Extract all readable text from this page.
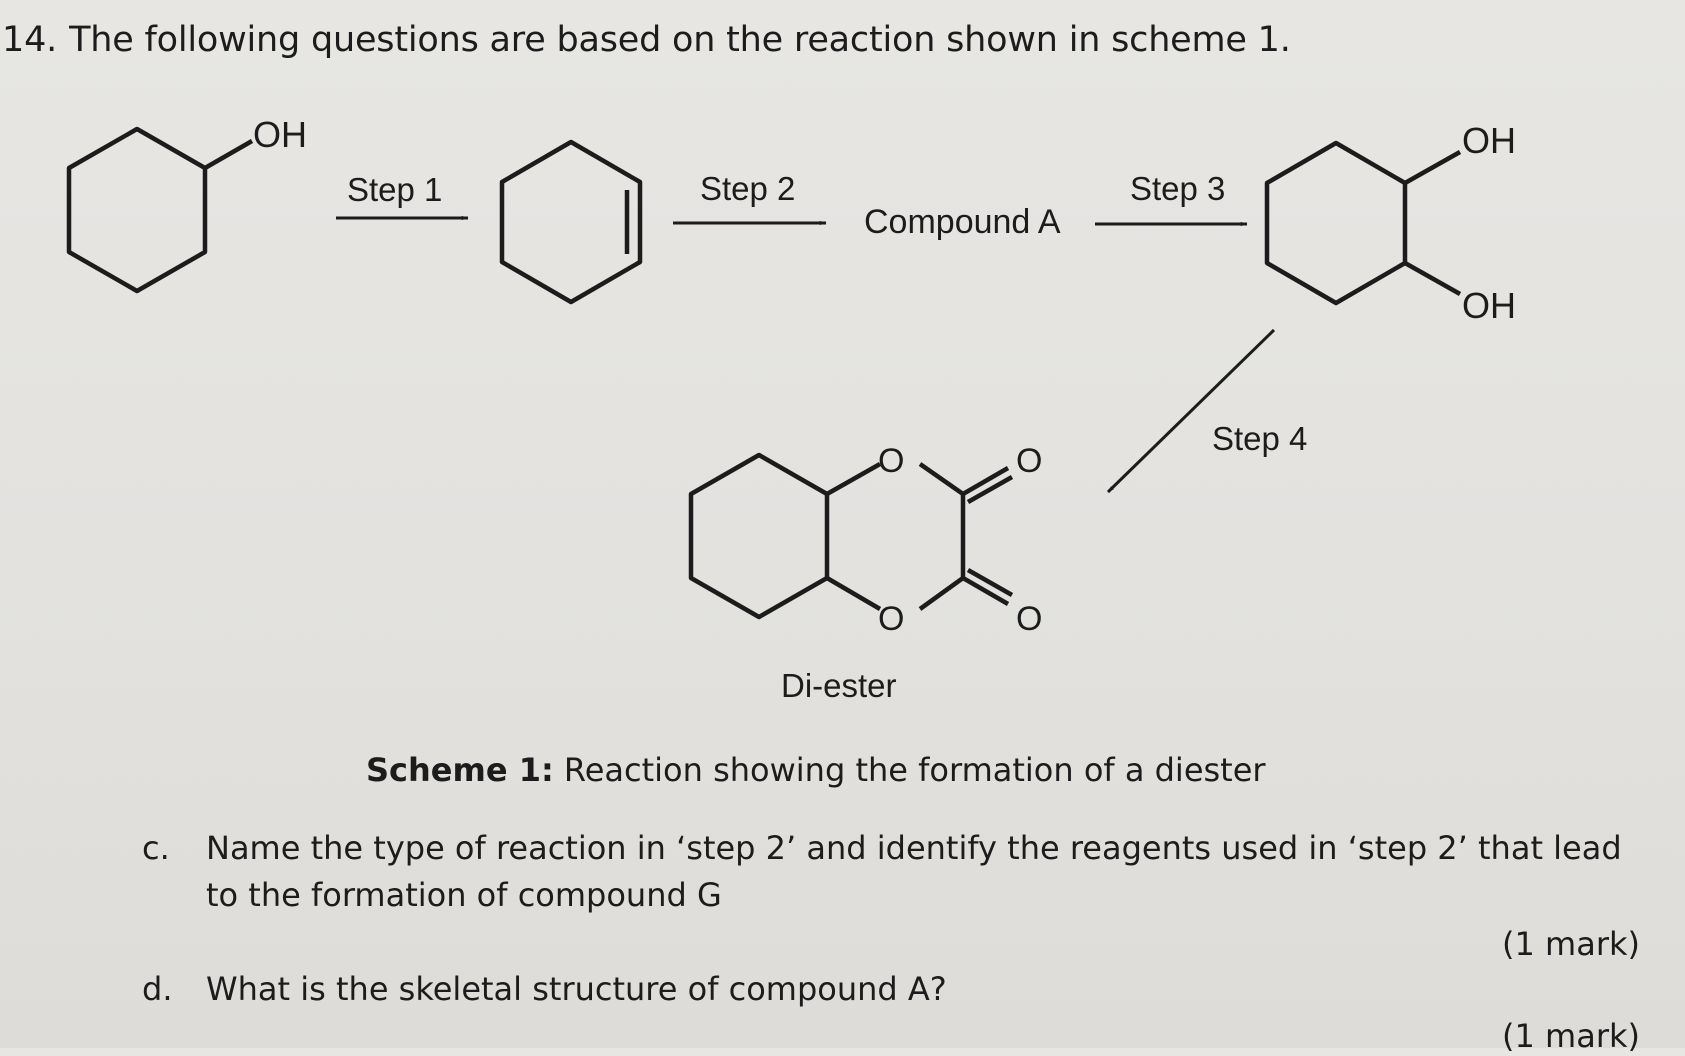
14. The following questions are based on the reaction shown in scheme 1.
OH
Step 1	Step 2
Compound A
Step 3
OH
OH
Step 4
O	O
O	O
Di-ester
Scheme 1: Reaction showing the formation of a diester
c. Name the type of reaction in ‘step 2’ and identify the reagents used in ‘step 2’ that lead to the formation of compound G
(1 mark)
d. What is the skeletal structure of compound A?
(1 mark)
